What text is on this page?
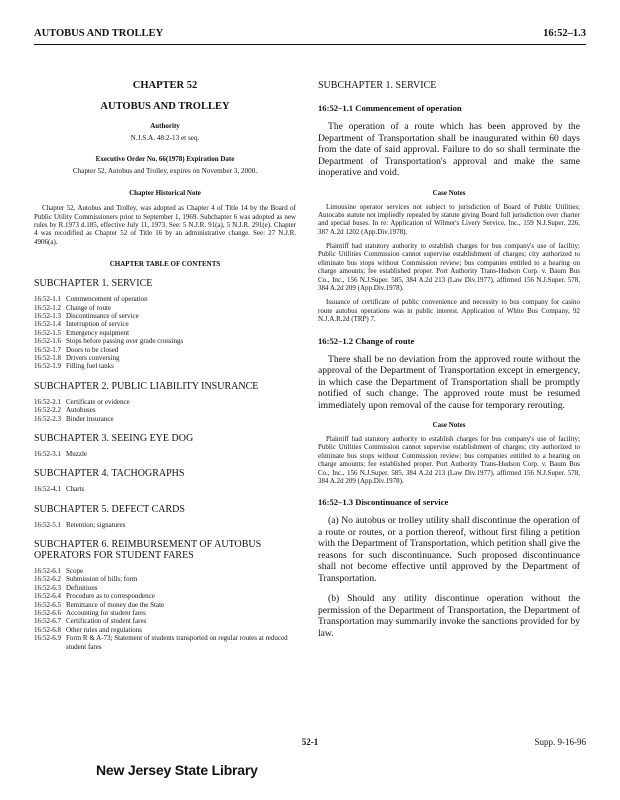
AUTOBUS AND TROLLEY	16:52–1.3
CHAPTER 52
AUTOBUS AND TROLLEY
Authority
N.J.S.A. 48:2-13 et seq.
Executive Order No. 66(1978) Expiration Date
Chapter 52, Autobus and Trolley, expires on November 3, 2000.
Chapter Historical Note
Chapter 52, Autobus and Trolley, was adopted as Chapter 4 of Title 14 by the Board of Public Utility Commissioners prior to September 1, 1969. Subchapter 6 was adopted as new rules by R.1973 d.185, effective July 11, 1973. See: 5 N.J.R. 91(a), 5 N.J.R. 291(e). Chapter 4 was recodified as Chapter 52 of Title 16 by an administrative change. See: 27 N.J.R. 4906(a).
CHAPTER TABLE OF CONTENTS
SUBCHAPTER 1. SERVICE
16:52-1.1 Commencement of operation
16:52-1.2 Change of route
16:52-1.3 Discontinuance of service
16:52-1.4 Interruption of service
16:52-1.5 Emergency equipment
16:52-1.6 Stops before passing over grade crossings
16:52-1.7 Doors to be closed
16:52-1.8 Drivers conversing
16:52-1.9 Filling fuel tanks
SUBCHAPTER 2. PUBLIC LIABILITY INSURANCE
16:52-2.1 Certificate or evidence
16:52-2.2 Autobuses
16:52-2.3 Binder insurance
SUBCHAPTER 3. SEEING EYE DOG
16:52-3.1 Muzzle
SUBCHAPTER 4. TACHOGRAPHS
16:52-4.1 Charts
SUBCHAPTER 5. DEFECT CARDS
16:52-5.1 Retention; signatures
SUBCHAPTER 6. REIMBURSEMENT OF AUTOBUS OPERATORS FOR STUDENT FARES
16:52-6.1 Scope
16:52-6.2 Submission of bills; form
16:52-6.3 Definitions
16:52-6.4 Procedure as to correspondence
16:52-6.5 Remittance of money due the State
16:52-6.6 Accounting for student fares
16:52-6.7 Certification of student fares
16:52-6.8 Other rules and regulations
16:52-6.9 Form R & A-73; Statement of students transported on regular routes at reduced student fares
SUBCHAPTER 1. SERVICE
16:52–1.1 Commencement of operation
The operation of a route which has been approved by the Department of Transportation shall be inaugurated within 60 days from the date of said approval. Failure to do so shall terminate the Department of Transportation's approval and make the same inoperative and void.
Case Notes
Limousine operator services not subject to jurisdiction of Board of Public Utilities; Autocabs statute not impliedly repealed by statute giving Board full jurisdiction over charter and special buses. In re: Application of Wilmer's Livery Service, Inc., 159 N.J.Super. 226, 387 A.2d 1202 (App.Div.1978).
Plaintiff had statutory authority to establish charges for bus company's use of facility; Public Utilities Commission cannot supervise establishment of charges; city authorized to eliminate bus stops without Commission review; bus companies entitled to a hearing on charge amounts; fee established proper. Port Authority Trans-Hudson Corp. v. Baum Bus Co., Inc., 156 N.J.Super. 585, 384 A.2d 213 (Law Div.1977), affirmed 156 N.J.Super. 578, 384 A.2d 209 (App.Div.1978).
Issuance of certificate of public convenience and necessity to bus company for casino route autobus operations was in public interest. Application of White Bus Company, 92 N.J.A.R.2d (TRP) 7.
16:52–1.2 Change of route
There shall be no deviation from the approved route without the approval of the Department of Transportation except in emergency, in which case the Department of Transportation shall be promptly notified of such change. The approved route must be resumed immediately upon removal of the cause for temporary rerouting.
Case Notes
Plaintiff had statutory authority to establish charges for bus company's use of facility; Public Utilities Commission cannot supervise establishment of charges; city authorized to eliminate bus stops without Commission review; bus companies entitled to a hearing on charge amounts; fee established proper. Port Authority Trans-Hudson Corp. v. Baum Bus Co., Inc., 156 N.J.Super. 585, 384 A.2d 213 (Law Div.1977), affirmed 156 N.J.Super. 578, 384 A.2d 209 (App.Div.1978).
16:52–1.3 Discontinuance of service
(a) No autobus or trolley utility shall discontinue the operation of a route or routes, or a portion thereof, without first filing a petition with the Department of Transportation, which petition shall give the reasons for such discontinuance. Such proposed discontinuance shall not become effective until approved by the Department of Transportation.
(b) Should any utility discontinue operation without the permission of the Department of Transportation, the Department of Transportation may summarily invoke the sanctions provided for by law.
52-1	Supp. 9-16-96
New Jersey State Library
